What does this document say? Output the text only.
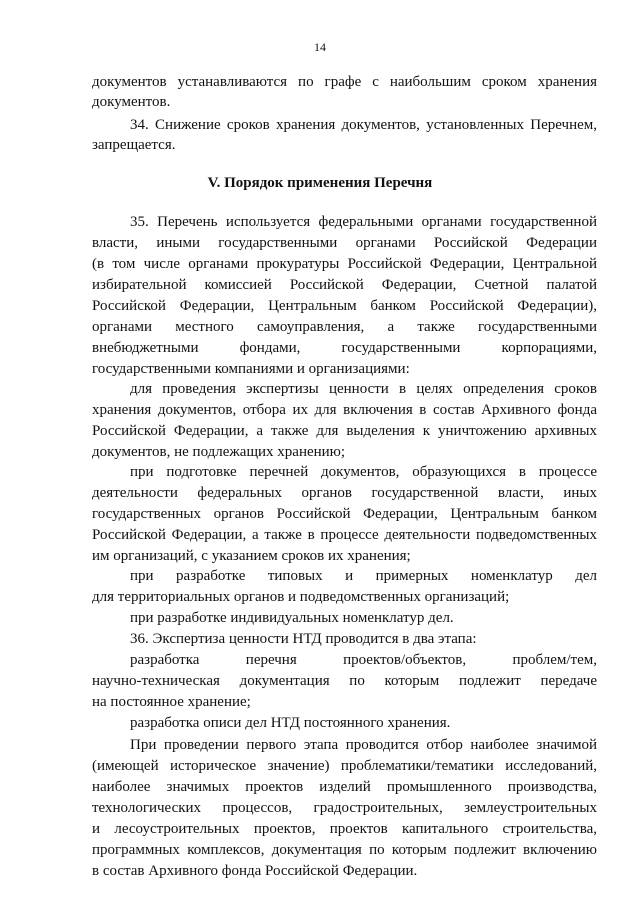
14
документов устанавливаются по графе с наибольшим сроком хранения
документов.
34. Снижение сроков хранения документов, установленных Перечнем,
запрещается.
V. Порядок применения Перечня
35. Перечень используется федеральными органами государственной
власти, иными государственными органами Российской Федерации
(в том числе органами прокуратуры Российской Федерации, Центральной
избирательной комиссией Российской Федерации, Счетной палатой
Российской Федерации, Центральным банком Российской Федерации),
органами местного самоуправления, а также государственными
внебюджетными фондами, государственными корпорациями,
государственными компаниями и организациями:
для проведения экспертизы ценности в целях определения сроков
хранения документов, отбора их для включения в состав Архивного фонда
Российской Федерации, а также для выделения к уничтожению архивных
документов, не подлежащих хранению;
при подготовке перечней документов, образующихся в процессе
деятельности федеральных органов государственной власти, иных
государственных органов Российской Федерации, Центральным банком
Российской Федерации, а также в процессе деятельности подведомственных
им организаций, с указанием сроков их хранения;
при разработке типовых и примерных номенклатур дел
для территориальных органов и подведомственных организаций;
при разработке индивидуальных номенклатур дел.
36. Экспертиза ценности НТД проводится в два этапа:
разработка перечня проектов/объектов, проблем/тем,
научно-техническая документация по которым подлежит передаче
на постоянное хранение;
разработка описи дел НТД постоянного хранения.
При проведении первого этапа проводится отбор наиболее значимой
(имеющей историческое значение) проблематики/тематики исследований,
наиболее значимых проектов изделий промышленного производства,
технологических процессов, градостроительных, землеустроительных
и лесоустроительных проектов, проектов капитального строительства,
программных комплексов, документация по которым подлежит включению
в состав Архивного фонда Российской Федерации.
